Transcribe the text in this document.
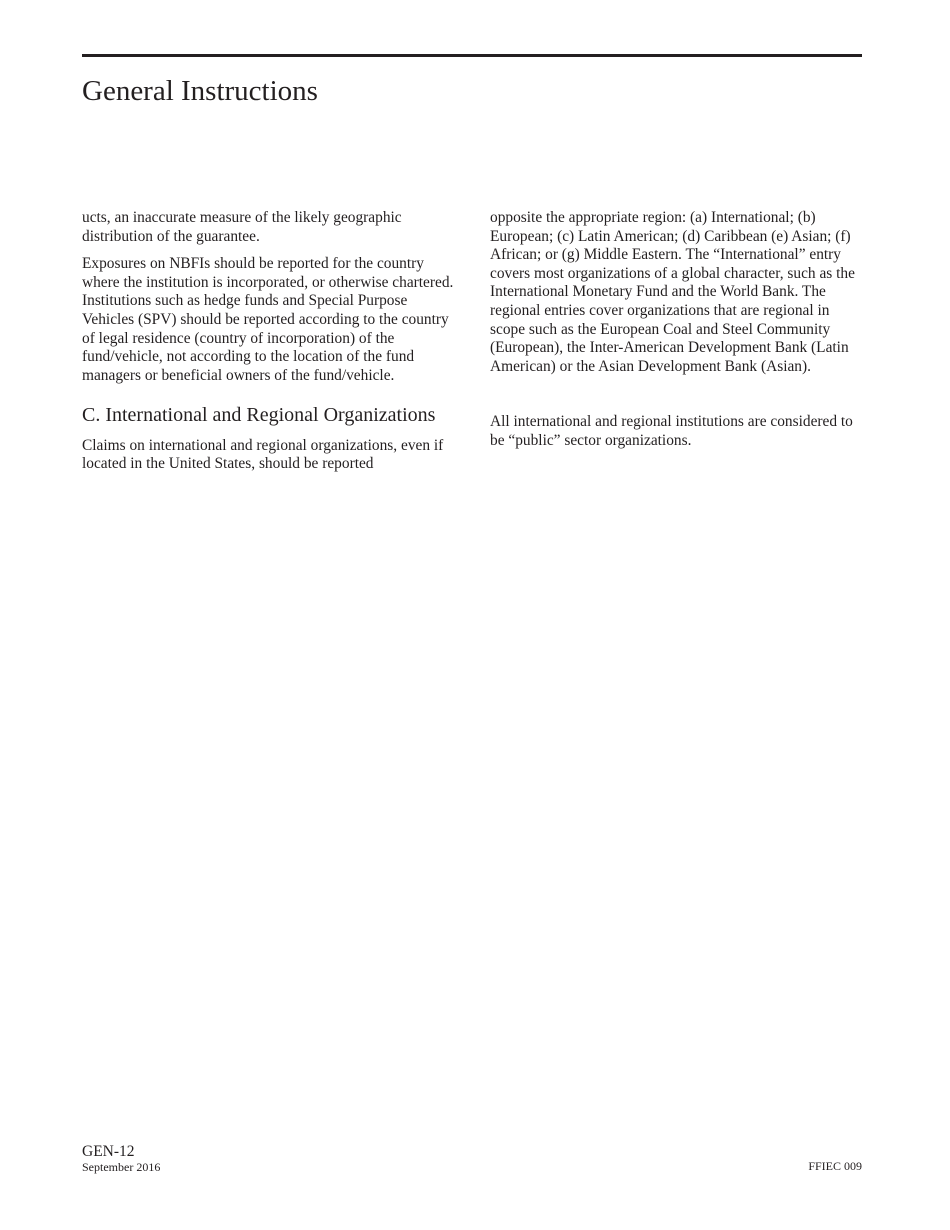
General Instructions

ucts, an inaccurate measure of the likely geographic distribution of the guarantee.

Exposures on NBFIs should be reported for the country where the institution is incorporated, or otherwise chartered. Institutions such as hedge funds and Special Purpose Vehicles (SPV) should be reported according to the country of legal residence (country of incorporation) of the fund/vehicle, not according to the location of the fund managers or beneficial owners of the fund/vehicle.

C. International and Regional Organizations

Claims on international and regional organizations, even if located in the United States, should be reported

opposite the appropriate region: (a) International; (b) European; (c) Latin American; (d) Caribbean (e) Asian; (f) African; or (g) Middle Eastern. The “International” entry covers most organizations of a global character, such as the International Monetary Fund and the World Bank. The regional entries cover organizations that are regional in scope such as the European Coal and Steel Community (European), the Inter-American Development Bank (Latin American) or the Asian Development Bank (Asian).

All international and regional institutions are considered to be “public” sector organizations.

GEN-12
September 2016	FFIEC 009
